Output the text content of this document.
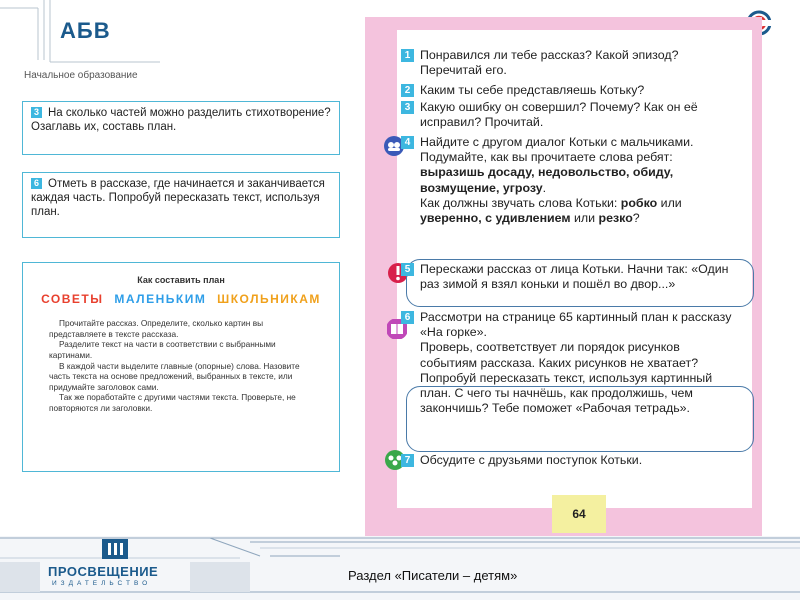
АБВ
Начальное образование
3 На сколько частей можно разделить стихотворение? Озаглавь их, составь план.
6 Отметь в рассказе, где начинается и заканчивается каждая часть. Попробуй пересказать текст, используя план.
Как составить план
СОВЕТЫ МАЛЕНЬКИМ ШКОЛЬНИКАМ

Прочитайте рассказ. Определите, сколько картин вы представляете в тексте рассказа.

Разделите текст на части в соответствии с выбранными картинами.

В каждой части выделите главные (опорные) слова. Назовите часть текста на основе предложений, выбранных в тексте, или придумайте заголовок сами.

Так же поработайте с другими частями текста. Проверьте, не повторяются ли заголовки.

1 Понравился ли тебе рассказ? Какой эпизод? Перечитай его.
2 Каким ты себе представляешь Котьку?
3 Какую ошибку он совершил? Почему? Как он её исправил? Прочитай.
4 Найдите с другом диалог Котьки с мальчиками.
Подумайте, как вы прочитаете слова ребят: выразишь досаду, недовольство, обиду, возмущение, угрозу.
Как должны звучать слова Котьки: робко или уверенно, с удивлением или резко?
5 Перескажи рассказ от лица Котьки. Начни так: «Один раз зимой я взял коньки и пошёл во двор...»
6 Рассмотри на странице 65 картинный план к рассказу «На горке».
Проверь, соответствует ли порядок рисунков событиям рассказа. Каких рисунков не хватает?
Попробуй пересказать текст, используя картинный план. С чего ты начнёшь, как продолжишь, чем закончишь? Тебе поможет «Рабочая тетрадь».
7 Обсудите с друзьями поступок Котьки.
64
ПРОСВЕЩЕНИЕ
ИЗДАТЕЛЬСТВО
Раздел «Писатели – детям»
